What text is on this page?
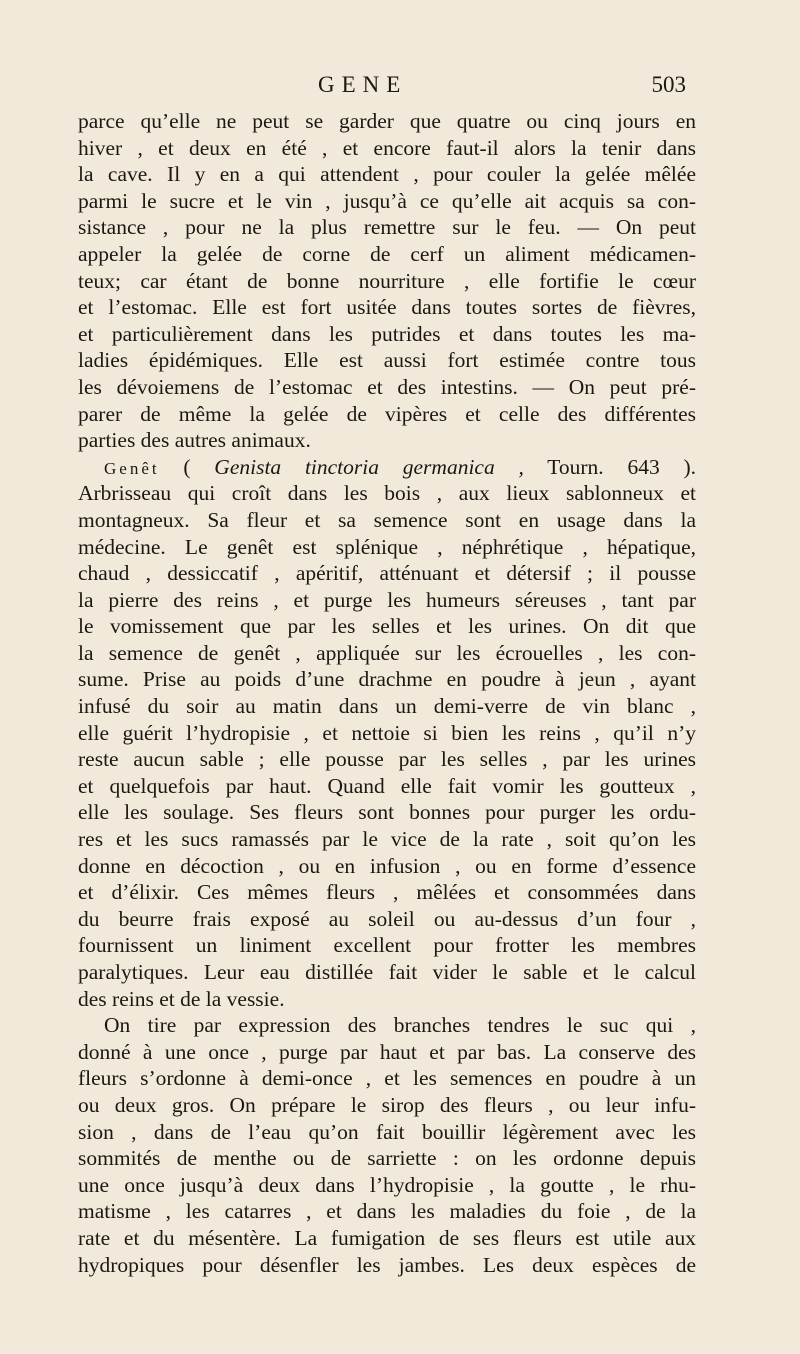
GENE	503
parce qu’elle ne peut se garder que quatre ou cinq jours en
hiver , et deux en été , et encore faut-il alors la tenir dans
la cave. Il y en a qui attendent , pour couler la gelée mêlée
parmi le sucre et le vin , jusqu’à ce qu’elle ait acquis sa con-
sistance , pour ne la plus remettre sur le feu. — On peut
appeler la gelée de corne de cerf un aliment médicamen-
teux; car étant de bonne nourriture , elle fortifie le cœur
et l’estomac. Elle est fort usitée dans toutes sortes de fièvres,
et particulièrement dans les putrides et dans toutes les ma-
ladies épidémiques. Elle est aussi fort estimée contre tous
les dévoiemens de l’estomac et des intestins. — On peut pré-
parer de même la gelée de vipères et celle des différentes
parties des autres animaux.
Genêt ( Genista tinctoria germanica , Tourn. 643 ).
Arbrisseau qui croît dans les bois , aux lieux sablonneux et
montagneux. Sa fleur et sa semence sont en usage dans la
médecine. Le genêt est splénique , néphrétique , hépatique,
chaud , dessiccatif , apéritif, atténuant et détersif ; il pousse
la pierre des reins , et purge les humeurs séreuses , tant par
le vomissement que par les selles et les urines. On dit que
la semence de genêt , appliquée sur les écrouelles , les con-
sume. Prise au poids d’une drachme en poudre à jeun , ayant
infusé du soir au matin dans un demi-verre de vin blanc ,
elle guérit l’hydropisie , et nettoie si bien les reins , qu’il n’y
reste aucun sable ; elle pousse par les selles , par les urines
et quelquefois par haut. Quand elle fait vomir les goutteux ,
elle les soulage. Ses fleurs sont bonnes pour purger les ordu-
res et les sucs ramassés par le vice de la rate , soit qu’on les
donne en décoction , ou en infusion , ou en forme d’essence
et d’élixir. Ces mêmes fleurs , mêlées et consommées dans
du beurre frais exposé au soleil ou au-dessus d’un four ,
fournissent un liniment excellent pour frotter les membres
paralytiques. Leur eau distillée fait vider le sable et le calcul
des reins et de la vessie.
On tire par expression des branches tendres le suc qui ,
donné à une once , purge par haut et par bas. La conserve des
fleurs s’ordonne à demi-once , et les semences en poudre à un
ou deux gros. On prépare le sirop des fleurs , ou leur infu-
sion , dans de l’eau qu’on fait bouillir légèrement avec les
sommités de menthe ou de sarriette : on les ordonne depuis
une once jusqu’à deux dans l’hydropisie , la goutte , le rhu-
matisme , les catarres , et dans les maladies du foie , de la
rate et du mésentère. La fumigation de ses fleurs est utile aux
hydropiques pour désenfler les jambes. Les deux espèces de
